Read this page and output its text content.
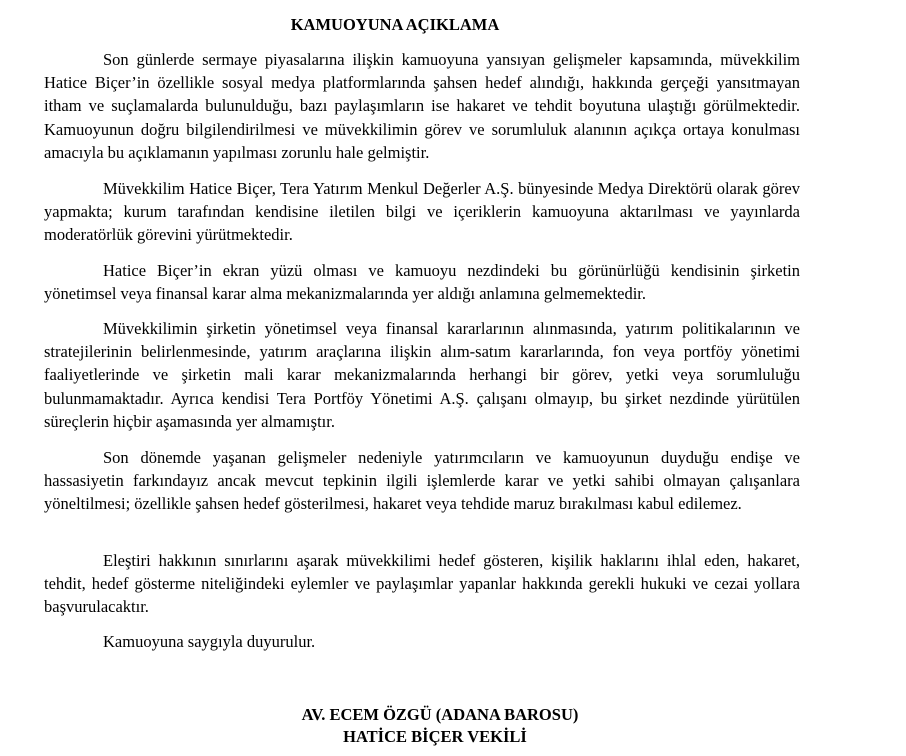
KAMUOYUNA AÇIKLAMA

Son günlerde sermaye piyasalarına ilişkin kamuoyuna yansıyan gelişmeler kapsamında, müvekkilim Hatice Biçer’in özellikle sosyal medya platformlarında şahsen hedef alındığı, hakkında gerçeği yansıtmayan itham ve suçlamalarda bulunulduğu, bazı paylaşımların ise hakaret ve tehdit boyutuna ulaştığı görülmektedir. Kamuoyunun doğru bilgilendirilmesi ve müvekkilimin görev ve sorumluluk alanının açıkça ortaya konulması amacıyla bu açıklamanın yapılması zorunlu hale gelmiştir.

Müvekkilim Hatice Biçer, Tera Yatırım Menkul Değerler A.Ş. bünyesinde Medya Direktörü olarak görev yapmakta; kurum tarafından kendisine iletilen bilgi ve içeriklerin kamuoyuna aktarılması ve yayınlarda moderatörlük görevini yürütmektedir.

Hatice Biçer’in ekran yüzü olması ve kamuoyu nezdindeki bu görünürlüğü kendisinin şirketin yönetimsel veya finansal karar alma mekanizmalarında yer aldığı anlamına gelmemektedir.

Müvekkilimin şirketin yönetimsel veya finansal kararlarının alınmasında, yatırım politikalarının ve stratejilerinin belirlenmesinde, yatırım araçlarına ilişkin alım-satım kararlarında, fon veya portföy yönetimi faaliyetlerinde ve şirketin mali karar mekanizmalarında herhangi bir görev, yetki veya sorumluluğu bulunmamaktadır. Ayrıca kendisi Tera Portföy Yönetimi A.Ş. çalışanı olmayıp, bu şirket nezdinde yürütülen süreçlerin hiçbir aşamasında yer almamıştır.

Son dönemde yaşanan gelişmeler nedeniyle yatırımcıların ve kamuoyunun duyduğu endişe ve hassasiyetin farkındayız ancak mevcut tepkinin ilgili işlemlerde karar ve yetki sahibi olmayan çalışanlara yöneltilmesi; özellikle şahsen hedef gösterilmesi, hakaret veya tehdide maruz bırakılması kabul edilemez.

Eleştiri hakkının sınırlarını aşarak müvekkilimi hedef gösteren, kişilik haklarını ihlal eden, hakaret, tehdit, hedef gösterme niteliğindeki eylemler ve paylaşımlar yapanlar hakkında gerekli hukuki ve cezai yollara başvurulacaktır.

Kamuoyuna saygıyla duyurulur.

AV. ECEM ÖZGÜ (ADANA BAROSU)
HATİCE BİÇER VEKİLİ
